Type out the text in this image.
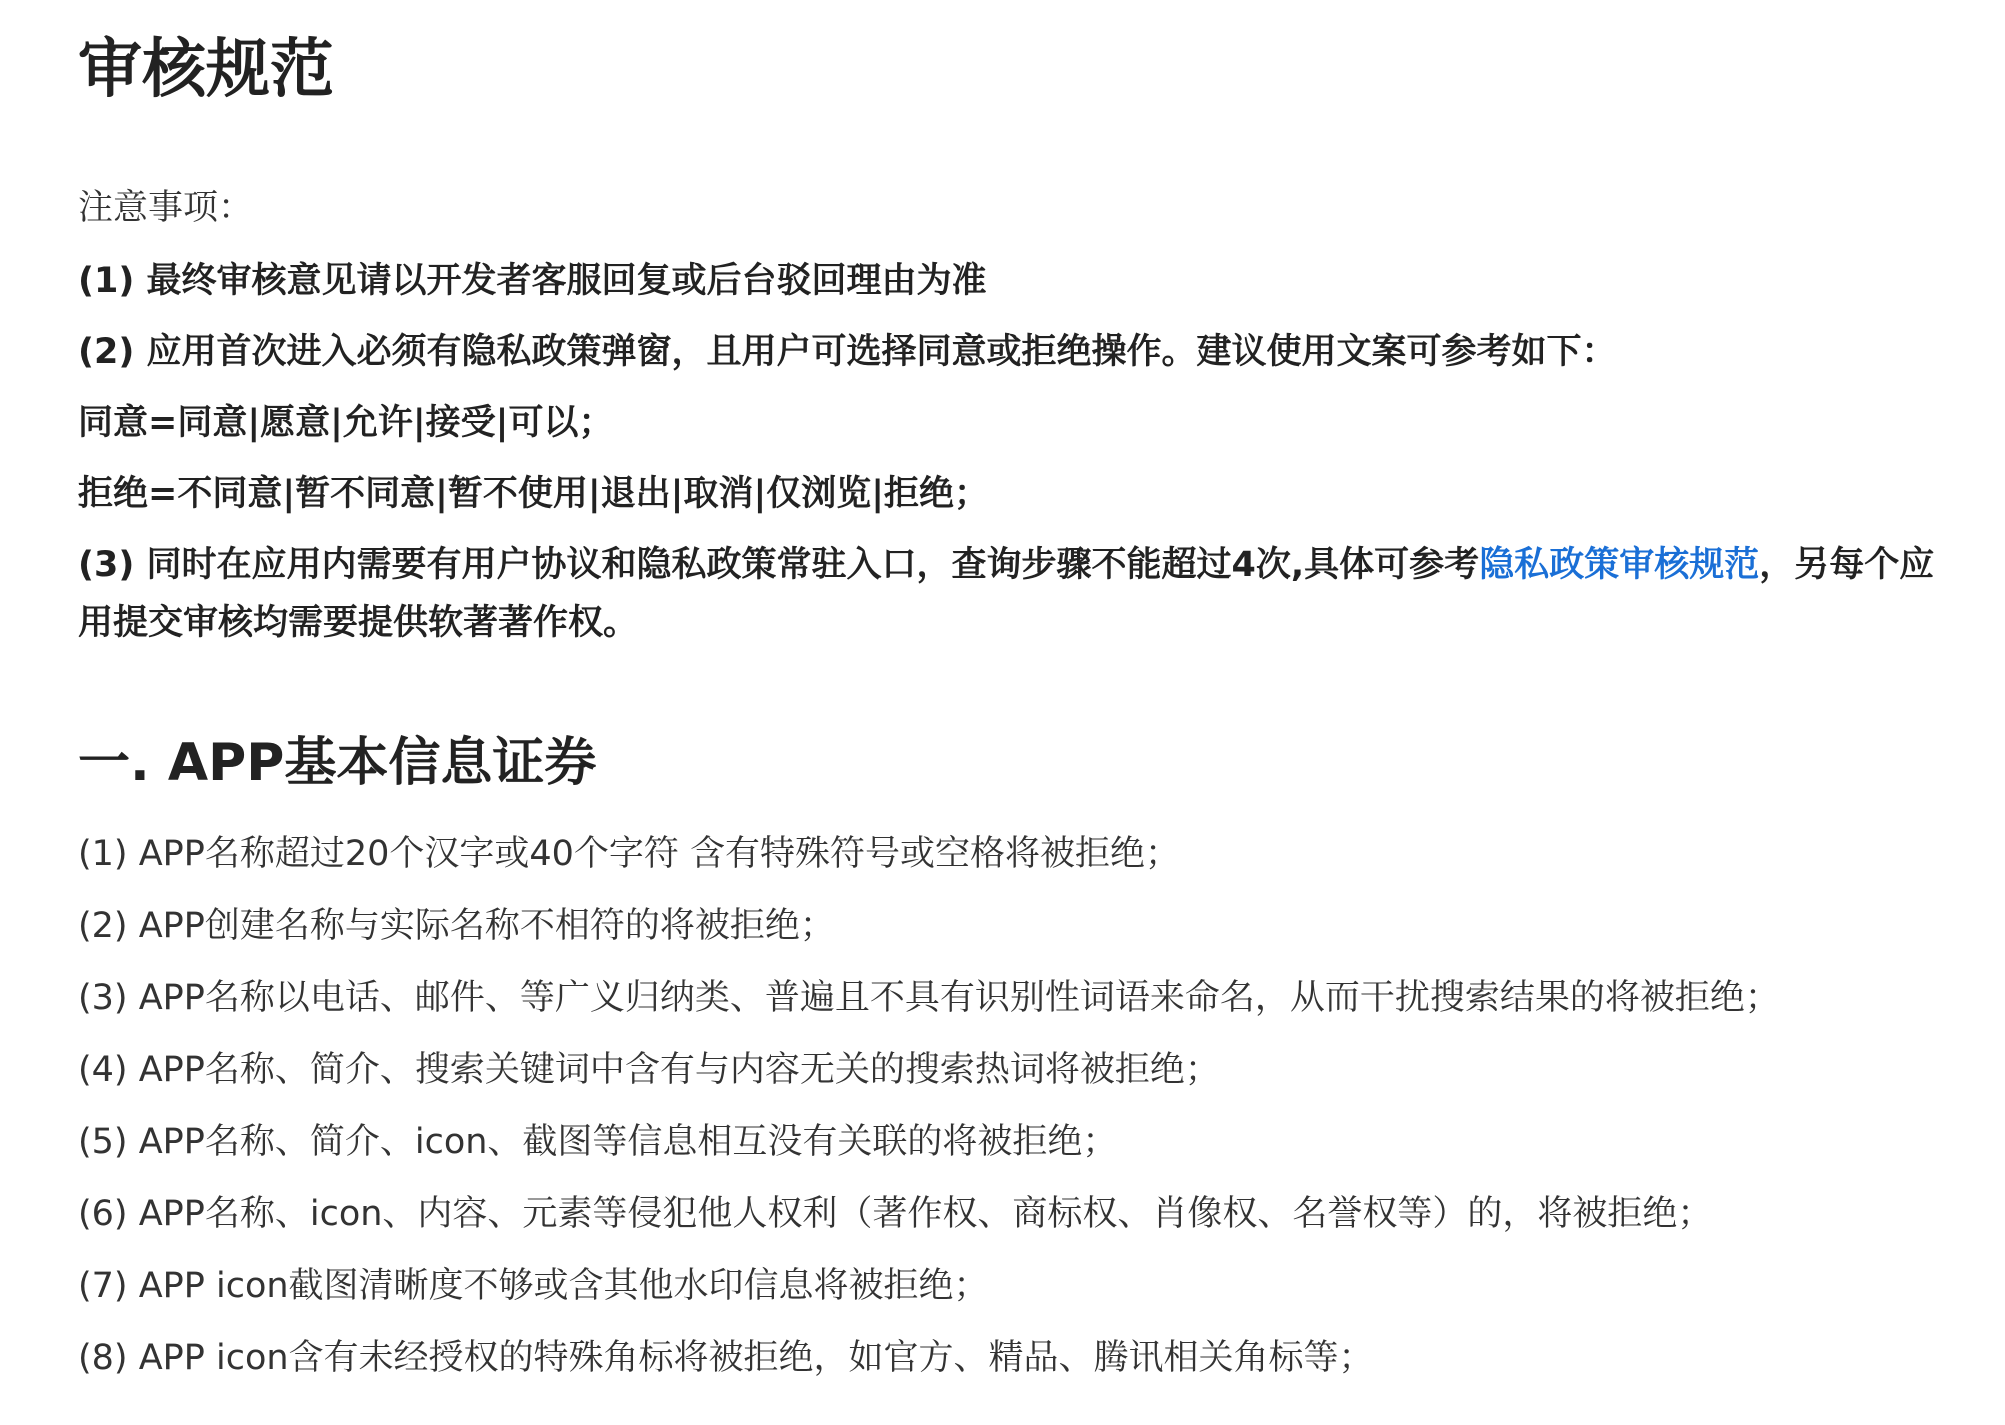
审核规范
注意事项：
(1) 最终审核意见请以开发者客服回复或后台驳回理由为准
(2) 应用首次进入必须有隐私政策弹窗，且用户可选择同意或拒绝操作。建议使用文案可参考如下：
同意=同意|愿意|允许|接受|可以；
拒绝=不同意|暂不同意|暂不使用|退出|取消|仅浏览|拒绝；
(3) 同时在应用内需要有用户协议和隐私政策常驻入口，查询步骤不能超过4次,具体可参考隐私政策审核规范，另每个应用提交审核均需要提供软著著作权。
一. APP基本信息证券
(1) APP名称超过20个汉字或40个字符 含有特殊符号或空格将被拒绝；
(2) APP创建名称与实际名称不相符的将被拒绝；
(3) APP名称以电话、邮件、等广义归纳类、普遍且不具有识别性词语来命名，从而干扰搜索结果的将被拒绝；
(4) APP名称、简介、搜索关键词中含有与内容无关的搜索热词将被拒绝；
(5) APP名称、简介、icon、截图等信息相互没有关联的将被拒绝；
(6) APP名称、icon、内容、元素等侵犯他人权利（著作权、商标权、肖像权、名誉权等）的，将被拒绝；
(7) APP icon截图清晰度不够或含其他水印信息将被拒绝；
(8) APP icon含有未经授权的特殊角标将被拒绝，如官方、精品、腾讯相关角标等；
